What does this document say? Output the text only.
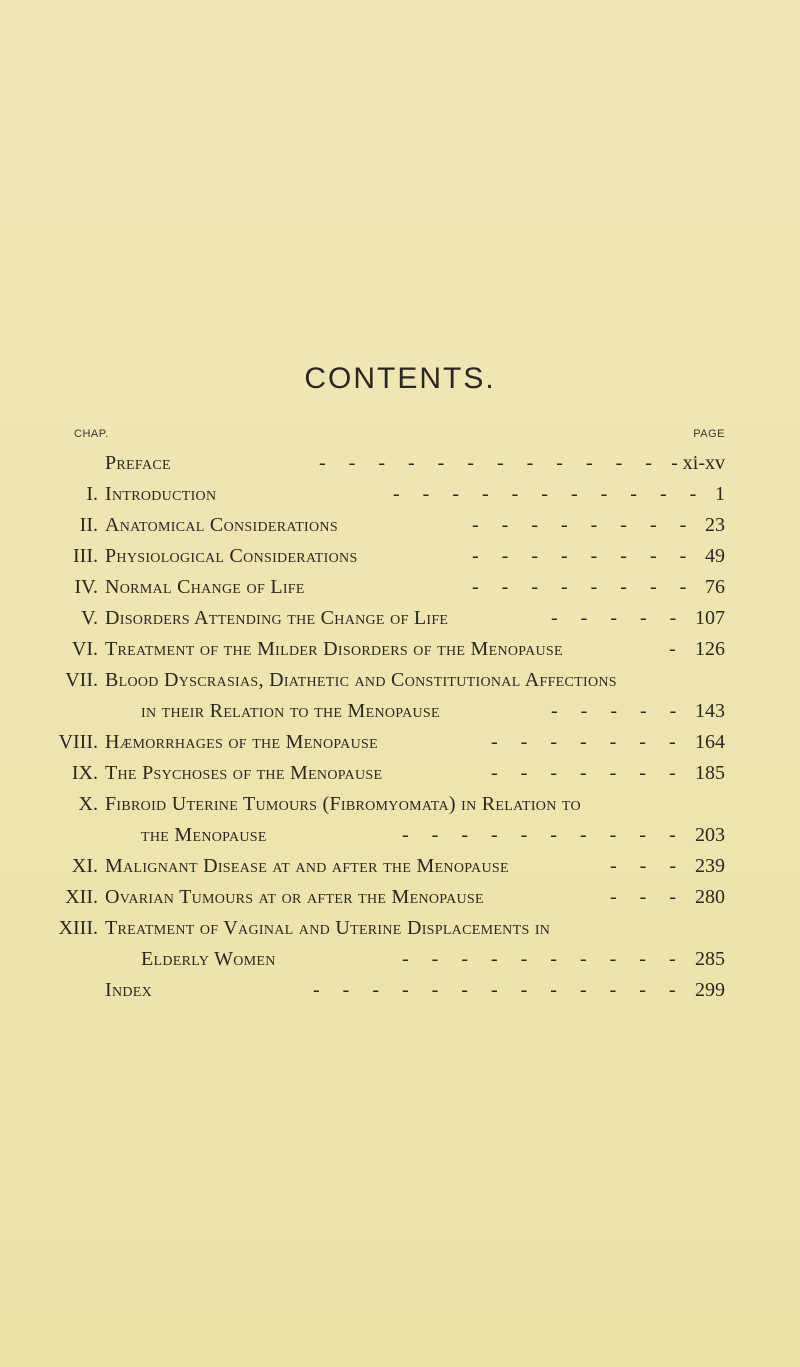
CONTENTS.
CHAP.	PAGE
Preface	- xi-xv
- - - - - - - - - - - -
I. Introduction	1
- - - - - - - - - - -
II. Anatomical Considerations	23
- - - - - - - -
III. Physiological Considerations	49
- - - - - - - -
IV. Normal Change of Life	76
- - - - - - - -
V. Disorders Attending the Change of Life	107
- - - - -
VI. Treatment of the Milder Disorders of the Menopause	126
-
VII. Blood Dyscrasias, Diathetic and Constitutional Affections
in their Relation to the Menopause	143
- - - - -
VIII. Hæmorrhages of the Menopause	164
- - - - - - -
IX. The Psychoses of the Menopause	185
- - - - - - -
X. Fibroid Uterine Tumours (Fibromyomata) in Relation to
the Menopause	203
- - - - - - - - - -
XI. Malignant Disease at and after the Menopause	239
- - -
XII. Ovarian Tumours at or after the Menopause	280
- - -
XIII. Treatment of Vaginal and Uterine Displacements in
Elderly Women	285
- - - - - - - - - -
Index	299
- - - - - - - - - - - - -
